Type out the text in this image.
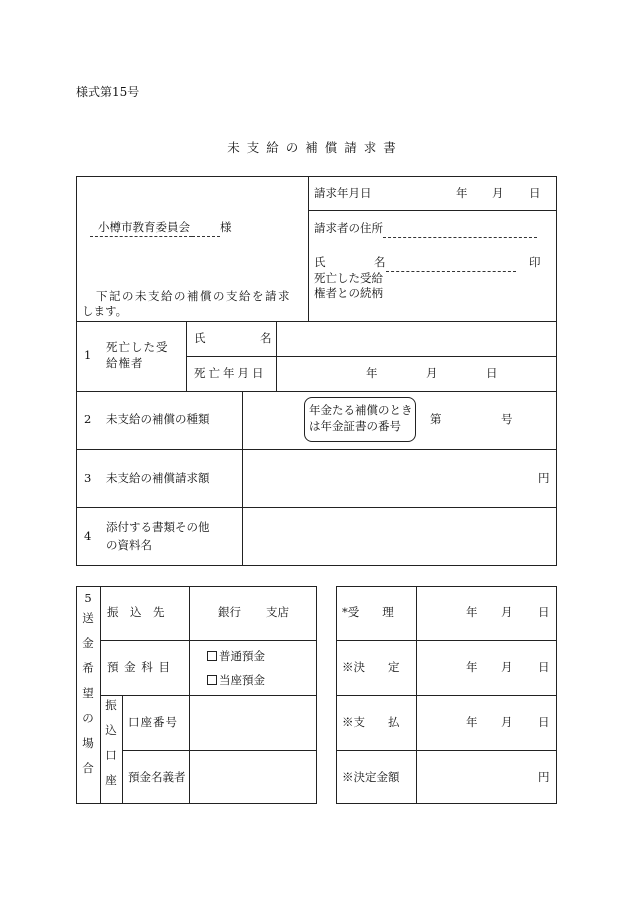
様式第15号
未支給の補償請求書
小樽市教育委員会	様
下記の未支給の補償の支給を請求
します。
請求年月日	年 月 日
請求者の住所
氏	名	印
死亡した受給
権者との続柄
1
死亡した受
給権者
氏	名
死亡年月日	年	月	日
2 未支給の補償の種類
年金たる補償のとき
は年金証書の番号	第	号
3 未支給の補償請求額	円
4
添付する書類その他
の資料名
5
送
金
希
望
の
場
合
振　込　先	銀行 支店
預 金 科 目
普通預金
当座預金
振
込
口
座
口座番号
預金名義者
*受　　理	年 月 日
※決　　定	年 月 日
※支　　払	年 月 日
※決定金額	円
